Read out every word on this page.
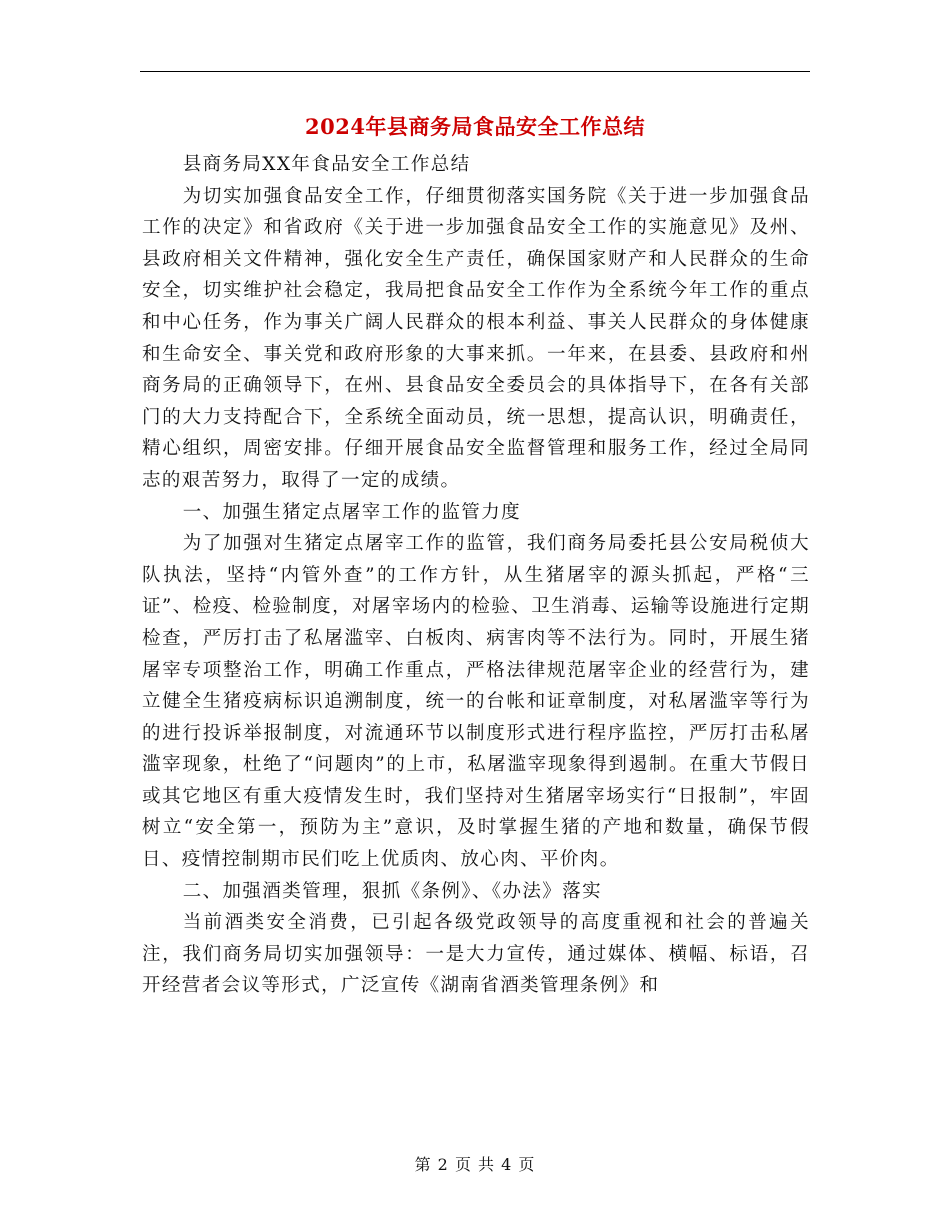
2024年县商务局食品安全工作总结

县商务局XX年食品安全工作总结

为切实加强食品安全工作，仔细贯彻落实国务院《关于进一步加强食品工作的决定》和省政府《关于进一步加强食品安全工作的实施意见》及州、县政府相关文件精神，强化安全生产责任，确保国家财产和人民群众的生命安全，切实维护社会稳定，我局把食品安全工作作为全系统今年工作的重点和中心任务，作为事关广阔人民群众的根本利益、事关人民群众的身体健康和生命安全、事关党和政府形象的大事来抓。一年来，在县委、县政府和州商务局的正确领导下，在州、县食品安全委员会的具体指导下，在各有关部门的大力支持配合下，全系统全面动员，统一思想，提高认识，明确责任，精心组织，周密安排。仔细开展食品安全监督管理和服务工作，经过全局同志的艰苦努力，取得了一定的成绩。

一、加强生猪定点屠宰工作的监管力度

为了加强对生猪定点屠宰工作的监管，我们商务局委托县公安局税侦大队执法，坚持“内管外查”的工作方针，从生猪屠宰的源头抓起，严格“三证”、检疫、检验制度，对屠宰场内的检验、卫生消毒、运输等设施进行定期检查，严厉打击了私屠滥宰、白板肉、病害肉等不法行为。同时，开展生猪屠宰专项整治工作，明确工作重点，严格法律规范屠宰企业的经营行为，建立健全生猪疫病标识追溯制度，统一的台帐和证章制度，对私屠滥宰等行为的进行投诉举报制度，对流通环节以制度形式进行程序监控，严厉打击私屠滥宰现象，杜绝了“问题肉”的上市，私屠滥宰现象得到遏制。在重大节假日或其它地区有重大疫情发生时，我们坚持对生猪屠宰场实行“日报制”，牢固树立“安全第一，预防为主”意识，及时掌握生猪的产地和数量，确保节假日、疫情控制期市民们吃上优质肉、放心肉、平价肉。

二、加强酒类管理，狠抓《条例》、《办法》落实

当前酒类安全消费，已引起各级党政领导的高度重视和社会的普遍关注，我们商务局切实加强领导：一是大力宣传，通过媒体、横幅、标语，召开经营者会议等形式，广泛宣传《湖南省酒类管理条例》和

第 2 页 共 4 页
